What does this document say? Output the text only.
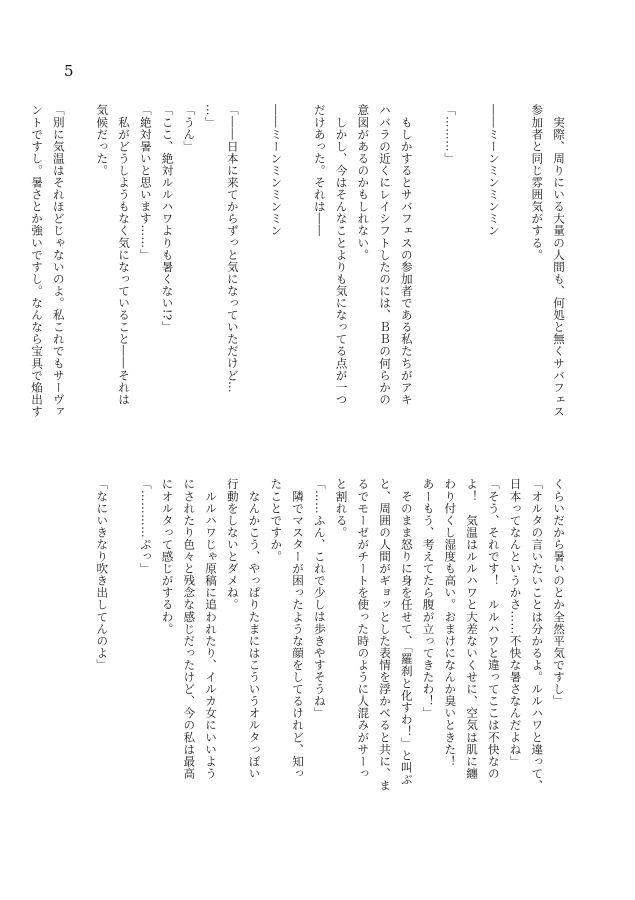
5
　実際、周りにいる大量の人間も、何処と無くサバフェス
参加者と同じ雰囲気がする。

――ミーンミンミンミン

「………」

　もしかするとサバフェスの参加者である私たちがアキ
ハバラの近くにレイシフトしたのには、ＢＢの何らかの
意図があるのかもしれない。
　しかし、今はそんなことよりも気になってる点が一つ
だけあった。それは――

――ミーンミンミンミン

「――日本に来てからずっと気になっていただけど…
…」
「うん」
「ここ、絶対ルルハワよりも暑くない!?」
「絶対暑いと思います……」
　私がどうしようもなく気になっていること――それは
気候だった。

「別に気温はそれほどじゃないのよ。私これでもサーヴァ
ントですし。暑さとか強いですし。なんなら宝具で焔出す
くらいだから暑いのとか全然平気ですし」
「オルタの言いたいことは分かるよ。ルルハワと違って、
日本ってなんというかさ……不快な暑さなんだよね」
「そう、それです！　ルルハワと違ってここは不快なの
よ！　気温はルルハワと大差ないくせに、空気は肌に纏
わり付くし湿度も高い。おまけになんか臭いときた！
あーもう、考えてたら腹が立ってきたわ！」
　そのまま怒りに身を任せて、「羅刹と化すわ！」と叫ぶ
と、周囲の人間がギョッとした表情を浮かべると共に、ま
るでモーゼがチートを使った時のように人混みがサーっ
と割れる。
「……ふん、これで少しは歩きやすそうね」
　隣でマスターが困ったような顔をしてるけれど、知っ
たことですか。
　なんかこう、やっぱりたまにはこういうオルタっぽい
行動をしないとダメね。
　ルルハワじゃ原稿に追われたり、イルカ女にいいよう
にされたり色々と残念な感じだったけど、今の私は最高
にオルタって感じがするわ。
「…………ぷっ」

「なにいきなり吹き出してんのよ」
